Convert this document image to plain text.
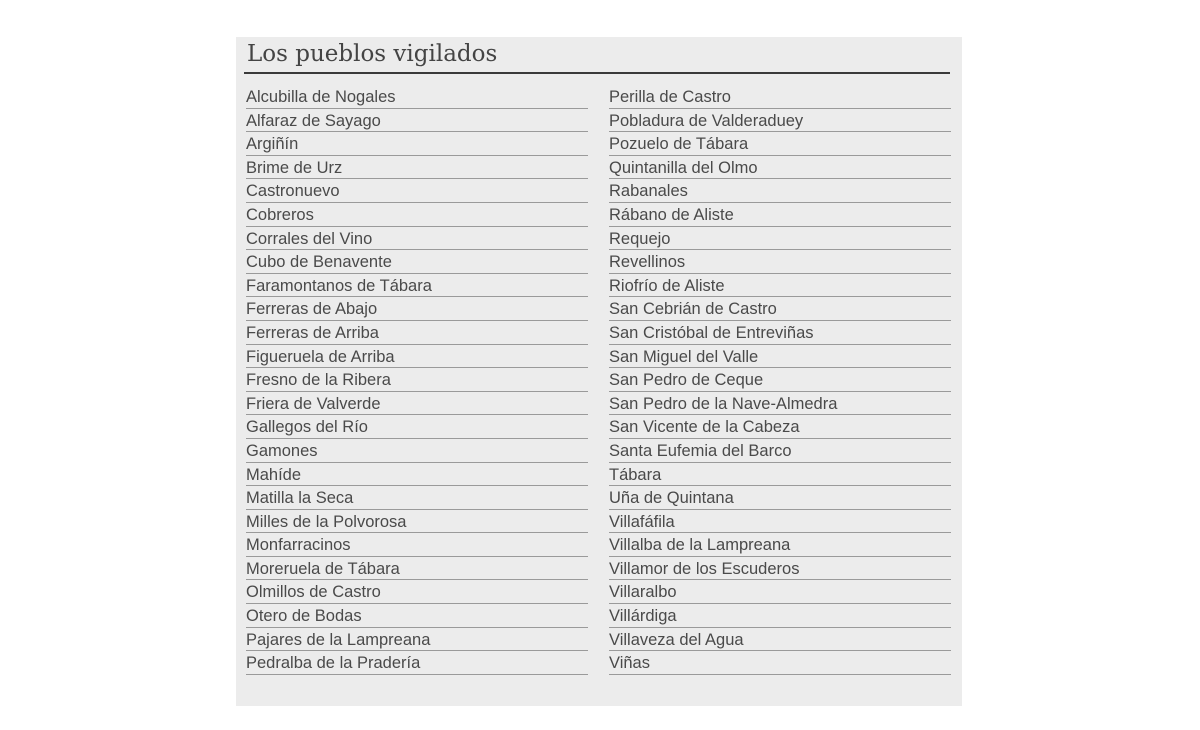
Los pueblos vigilados
Alcubilla de Nogales
Alfaraz de Sayago
Argiñín
Brime de Urz
Castronuevo
Cobreros
Corrales del Vino
Cubo de Benavente
Faramontanos de Tábara
Ferreras de Abajo
Ferreras de Arriba
Figueruela de Arriba
Fresno de la Ribera
Friera de Valverde
Gallegos del Río
Gamones
Mahíde
Matilla la Seca
Milles de la Polvorosa
Monfarracinos
Moreruela de Tábara
Olmillos de Castro
Otero de Bodas
Pajares de la Lampreana
Pedralba de la Pradería
Perilla de Castro
Pobladura de Valderaduey
Pozuelo de Tábara
Quintanilla del Olmo
Rabanales
Rábano de Aliste
Requejo
Revellinos
Riofrío de Aliste
San Cebrián de Castro
San Cristóbal de Entreviñas
San Miguel del Valle
San Pedro de Ceque
San Pedro de la Nave-Almedra
San Vicente de la Cabeza
Santa Eufemia del Barco
Tábara
Uña de Quintana
Villafáfila
Villalba de la Lampreana
Villamor de los Escuderos
Villaralbo
Villárdiga
Villaveza del Agua
Viñas
